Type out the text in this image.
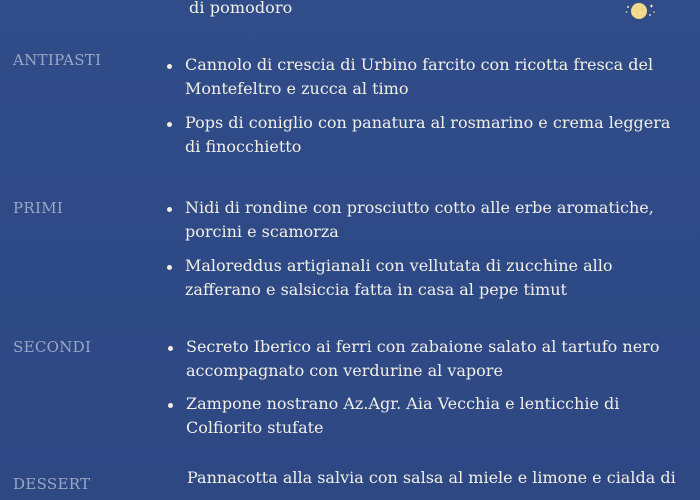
di pomodoro
ANTIPASTI	Cannolo di crescia di Urbino farcito con ricotta fresca del Montefeltro e zucca al timo
Pops di coniglio con panatura al rosmarino e crema leggera di finocchietto
PRIMI	Nidi di rondine con prosciutto cotto alle erbe aromatiche, porcini e scamorza
Maloreddus artigianali con vellutata di zucchine allo zafferano e salsiccia fatta in casa al pepe timut
SECONDI	Secreto Iberico ai ferri con zabaione salato al tartufo nero accompagnato con verdurine al vapore
Zampone nostrano Az.Agr. Aia Vecchia e lenticchie di Colfiorito stufate
DESSERT	Pannacotta alla salvia con salsa al miele e limone e cialda di
